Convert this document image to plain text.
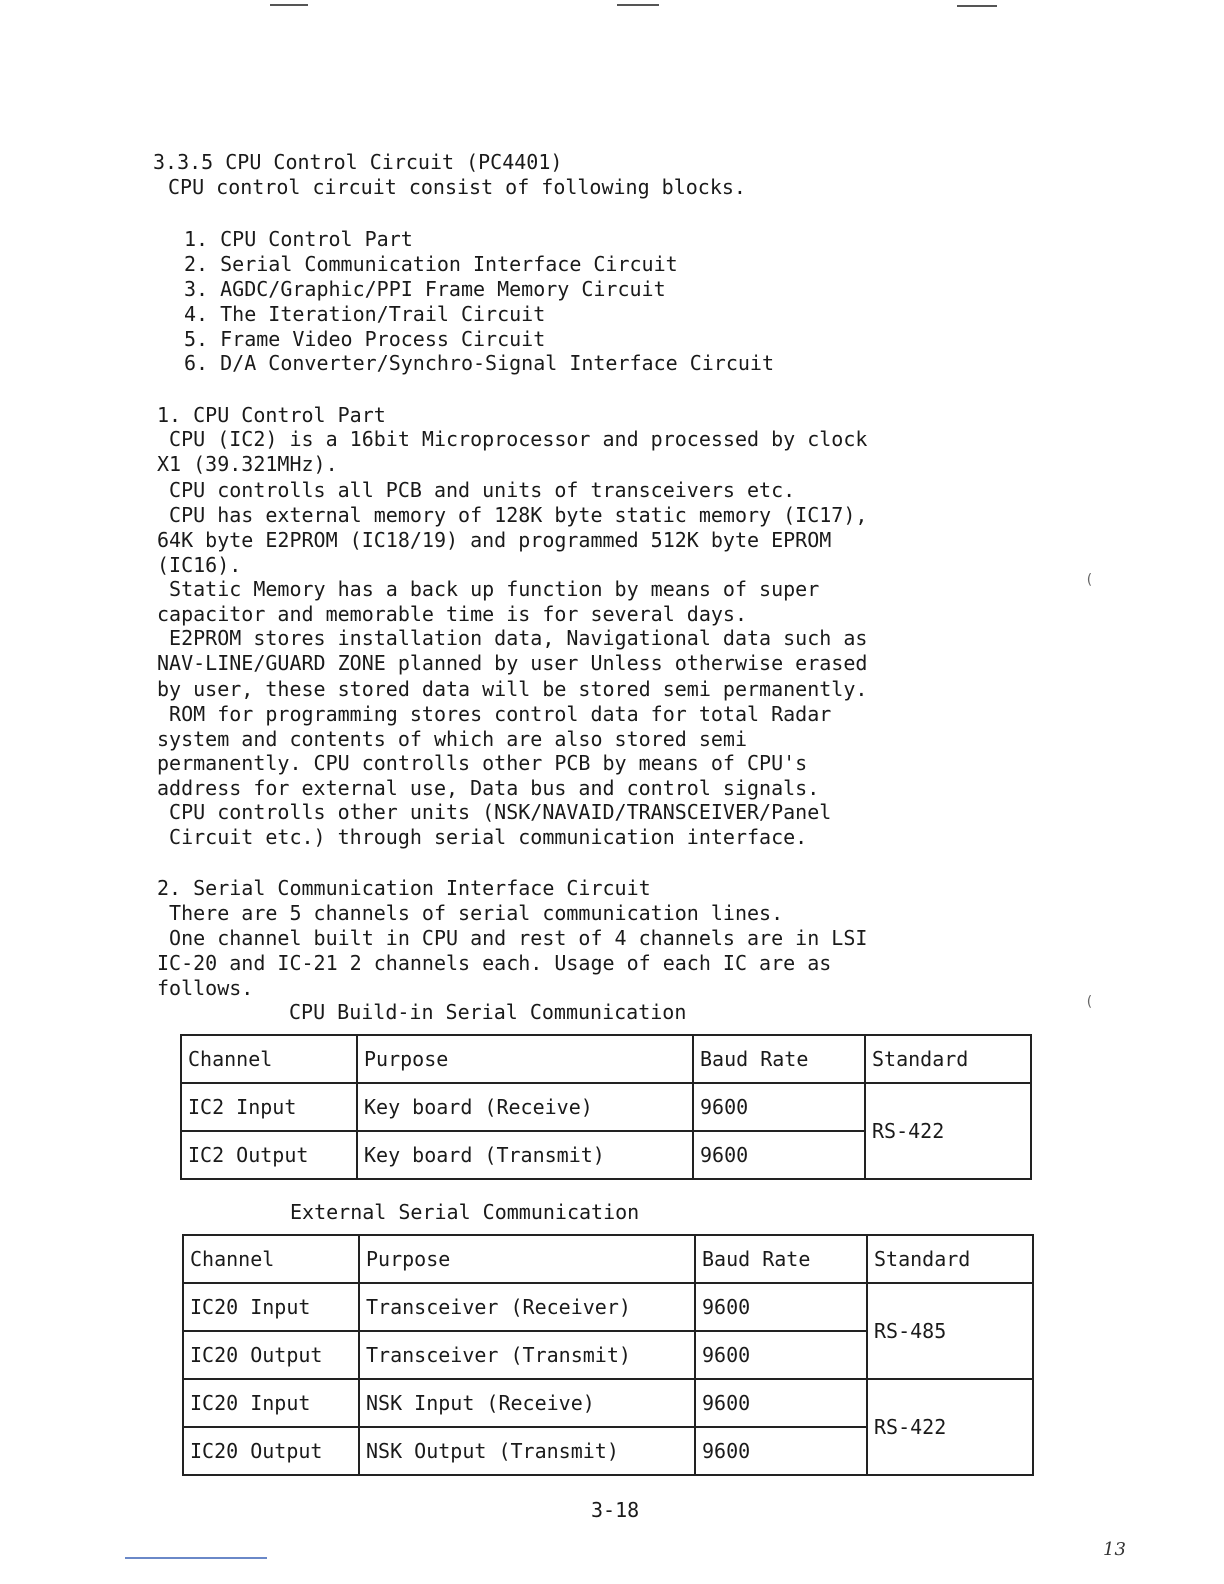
3.3.5 CPU Control Circuit (PC4401)
CPU control circuit consist of following blocks.
1. CPU Control Part
2. Serial Communication Interface Circuit
3. AGDC/Graphic/PPI Frame Memory Circuit
4. The Iteration/Trail Circuit
5. Frame Video Process Circuit
6. D/A Converter/Synchro-Signal Interface Circuit
1. CPU Control Part
CPU (IC2) is a 16bit Microprocessor and processed by clock
X1 (39.321MHz).
CPU controlls all PCB and units of transceivers etc.
CPU has external memory of 128K byte static memory (IC17),
64K byte E2PROM (IC18/19) and programmed 512K byte EPROM
(IC16).
Static Memory has a back up function by means of super
capacitor and memorable time is for several days.
E2PROM stores installation data, Navigational data such as
NAV-LINE/GUARD ZONE planned by user Unless otherwise erased
by user, these stored data will be stored semi permanently.
ROM for programming stores control data for total Radar
system and contents of which are also stored semi
permanently. CPU controlls other PCB by means of CPU's
address for external use, Data bus and control signals.
CPU controlls other units (NSK/NAVAID/TRANSCEIVER/Panel
Circuit etc.) through serial communication interface.
2. Serial Communication Interface Circuit
There are 5 channels of serial communication lines.
One channel built in CPU and rest of 4 channels are in LSI
IC-20 and IC-21 2 channels each. Usage of each IC are as
follows.
CPU Build-in Serial Communication
Channel	Purpose	Baud Rate	Standard
IC2 Input	Key board (Receive)	9600	RS-422
IC2 Output	Key board (Transmit)	9600	
External Serial Communication
Channel	Purpose	Baud Rate	Standard
IC20 Input	Transceiver (Receiver)	9600	RS-485
IC20 Output	Transceiver (Transmit)	9600	
IC20 Input	NSK Input (Receive)	9600	RS-422
IC20 Output	NSK Output (Transmit)	9600	
3-18
13
(
(
